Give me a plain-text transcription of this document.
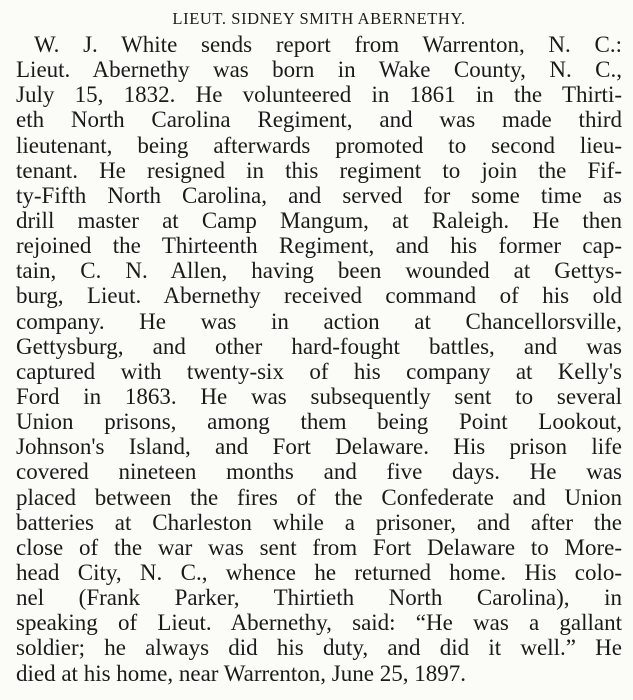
LIEUT. SIDNEY SMITH ABERNETHY.
W. J. White sends report from Warrenton, N. C.:
Lieut. Abernethy was born in Wake County, N. C.,
July 15, 1832. He volunteered in 1861 in the Thirti-
eth North Carolina Regiment, and was made third
lieutenant, being afterwards promoted to second lieu-
tenant. He resigned in this regiment to join the Fif-
ty-Fifth North Carolina, and served for some time as
drill master at Camp Mangum, at Raleigh. He then
rejoined the Thirteenth Regiment, and his former cap-
tain, C. N. Allen, having been wounded at Gettys-
burg, Lieut. Abernethy received command of his old
company. He was in action at Chancellorsville,
Gettysburg, and other hard-fought battles, and was
captured with twenty-six of his company at Kelly's
Ford in 1863. He was subsequently sent to several
Union prisons, among them being Point Lookout,
Johnson's Island, and Fort Delaware. His prison life
covered nineteen months and five days. He was
placed between the fires of the Confederate and Union
batteries at Charleston while a prisoner, and after the
close of the war was sent from Fort Delaware to More-
head City, N. C., whence he returned home. His colo-
nel (Frank Parker, Thirtieth North Carolina), in
speaking of Lieut. Abernethy, said: “He was a gallant
soldier; he always did his duty, and did it well.” He
died at his home, near Warrenton, June 25, 1897.
